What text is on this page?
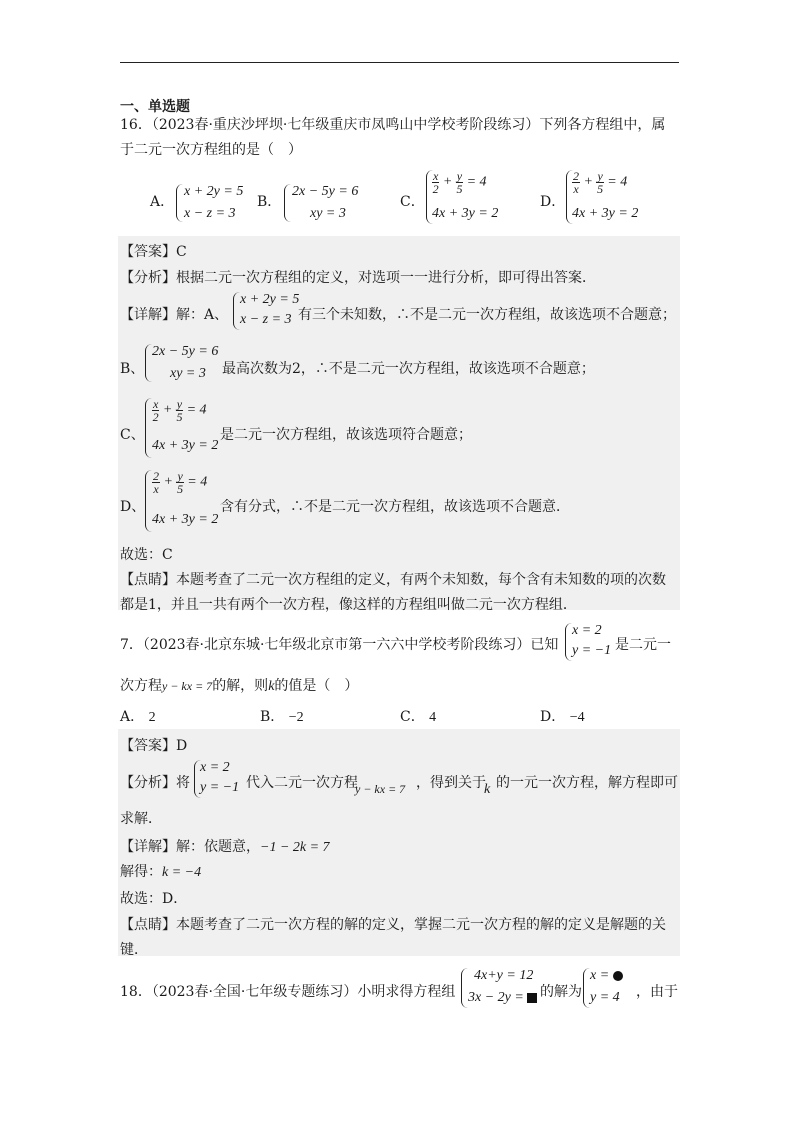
一、单选题
16．（2023春·重庆沙坪坝·七年级重庆市凤鸣山中学校考阶段练习）下列各方程组中，属
于二元一次方程组的是（　）
A．
x + 2y = 5
x − z = 3
B．
2x − 5y = 6
xy = 3
C．
$\frac{x}{2} + \frac{y}{5} = 4$
4x + 3y = 2
D．
$\frac{2}{x} + \frac{y}{5} = 4$
4x + 3y = 2
【答案】C
【分析】根据二元一次方程组的定义，对选项一一进行分析，即可得出答案．
【详解】解：A、
x + 2y = 5
x − z = 3 有三个未知数，∴不是二元一次方程组，故该选项不合题意；
B、
2x − 5y = 6
xy = 3 最高次数为2，∴不是二元一次方程组，故该选项不合题意；
C、
$\frac{x}{2} + \frac{y}{5} = 4$
4x + 3y = 2
是二元一次方程组，故该选项符合题意；
D、
$\frac{2}{x} + \frac{y}{5} = 4$
4x + 3y = 2
含有分式，∴不是二元一次方程组，故该选项不合题意．
故选：C
【点睛】本题考查了二元一次方程组的定义，有两个未知数，每个含有未知数的项的次数
都是1，并且一共有两个一次方程，像这样的方程组叫做二元一次方程组．
7．（2023春·北京东城·七年级北京市第一六六中学校考阶段练习）已知
x = 2
y = −1 是二元一
次方程y − kx = 7的解，则k的值是（　）
A． 2	B． −2	C． 4	D． −4
【答案】D
【分析】将
x = 2
y = −1 代入二元一次方程
y − kx = 7 ，得到关于
k 的一元一次方程，解方程即可
求解．
【详解】解：依题意，−1 − 2k = 7
解得：k = −4
故选：D．
【点睛】本题考查了二元一次方程的解的定义，掌握二元一次方程的解的定义是解题的关
键．
18．（2023春·全国·七年级专题练习）小明求得方程组
4x+y = 12
3x − 2y =	的解为
x =
y = 4 ，由于
